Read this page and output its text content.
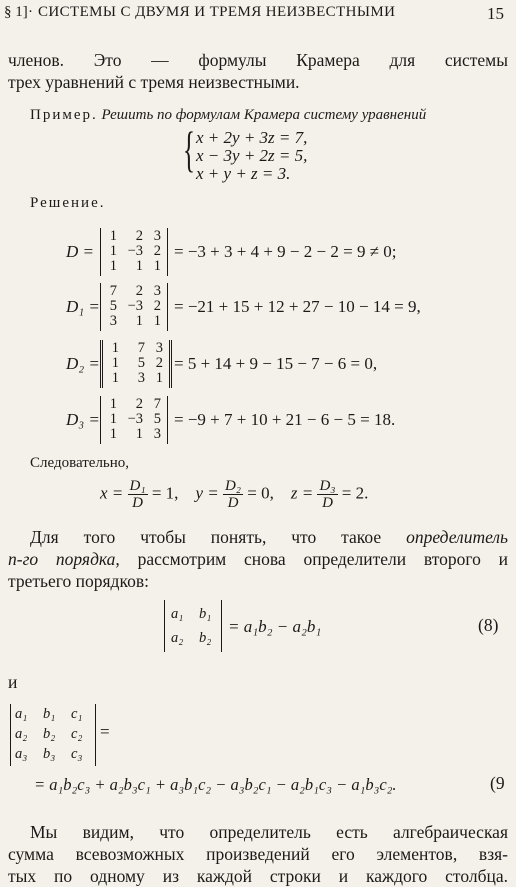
§ 1] · СИСТЕМЫ С ДВУМЯ И ТРЕМЯ НЕИЗВЕСТНЫМИ	15
членов. Это — формулы Крамера для системы
трех уравнений с тремя неизвестными.
Пример. Решить по формулам Крамера систему уравнений
{ x + 2y + 3z = 7,
x − 3y + 2z = 5,
x + y + z = 3.
Решение.
D =
1	2 3
1 −3 2
1	1 1
= −3 + 3 + 4 + 9 − 2 − 2 = 9 ≠ 0;
D₁ =
7	2 3
5 −3 2
3	1 1
= −21 + 15 + 12 + 27 − 10 − 14 = 9,
D₂ =
1	7 3
1	5 2
1	3 1
= 5 + 14 + 9 − 15 − 7 − 6 = 0,
D₃ =
1	2 7
1 −3 5
1	1 3
= −9 + 7 + 10 + 21 − 6 − 5 = 18.
Следовательно,
$x = \frac{\text{D₁}}{D} = 1$, $y = \frac{\text{D₂}}{D} = 0$, $z = \frac{\text{D₃}}{D} = 2$.
Для того чтобы понять, что такое определитель
n-го порядка, рассмотрим снова определители второго и
третьего порядков:
a₁ b₁
a₂ b₂
= a₁b₂ − a₂b₁	(8)
и
a₁ b₁ c₁
a₂ b₂ c₂
a₃ b₃ c₃
=
= a₁b₂c₃ + a₂b₃c₁ + a₃b₁c₂ − a₃b₂c₁ − a₂b₁c₃ − a₁b₃c₂.	(9
Мы видим, что определитель есть алгебраическая
сумма всевозможных произведений его элементов, взя-
тых по одному из каждой строки и каждого столбца.
